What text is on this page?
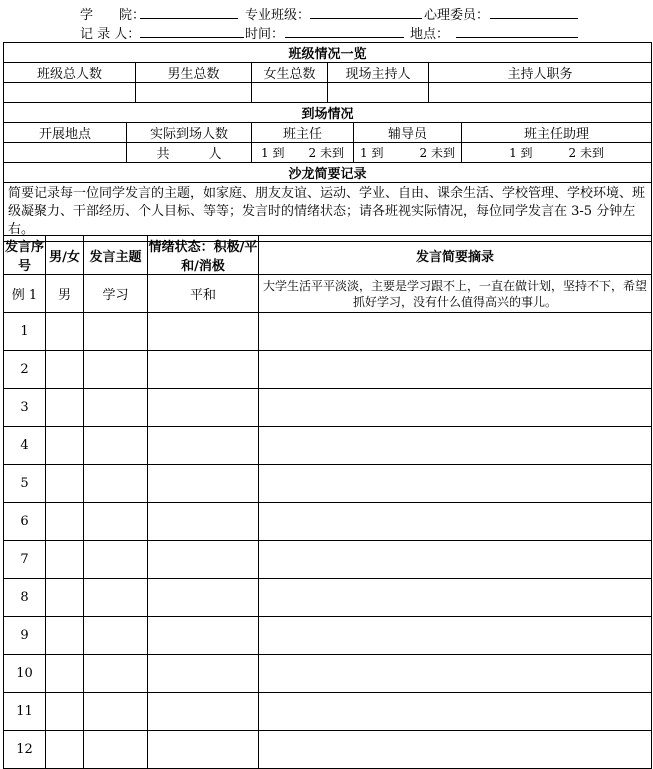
学　　院：	专业班级：	心理委员：
记 录 人：	时间：	地点：
班级情况一览							
班级总人数		男生总数	女生总数	现场主持人		主持人职务	

到场情况							
开展地点	实际到场人数		班主任		辅导员		班主任助理
	共　　　人		1 到　　2 未到		1 到　　　2 未到		1 到　　　2 未到
沙龙简要记录							
简要记录每一位同学发言的主题，如家庭、朋友友谊、运动、学业、自由、课余生活、学校管理、学校环境、班级凝聚力、干部经历、个人目标、等等；发言时的情绪状态；请各班视实际情况，每位同学发言在 3-5 分钟左右。							
发言序号	男/女	发言主题	情绪状态：积极/平和/消极	发言简要摘录
例 1	男	学习	平和	大学生活平平淡淡，主要是学习跟不上，一直在做计划，坚持不下，希望抓好学习，没有什么值得高兴的事儿。
1				
2				
3				
4				
5				
6				
7				
8				
9				
10				
11				
12				
